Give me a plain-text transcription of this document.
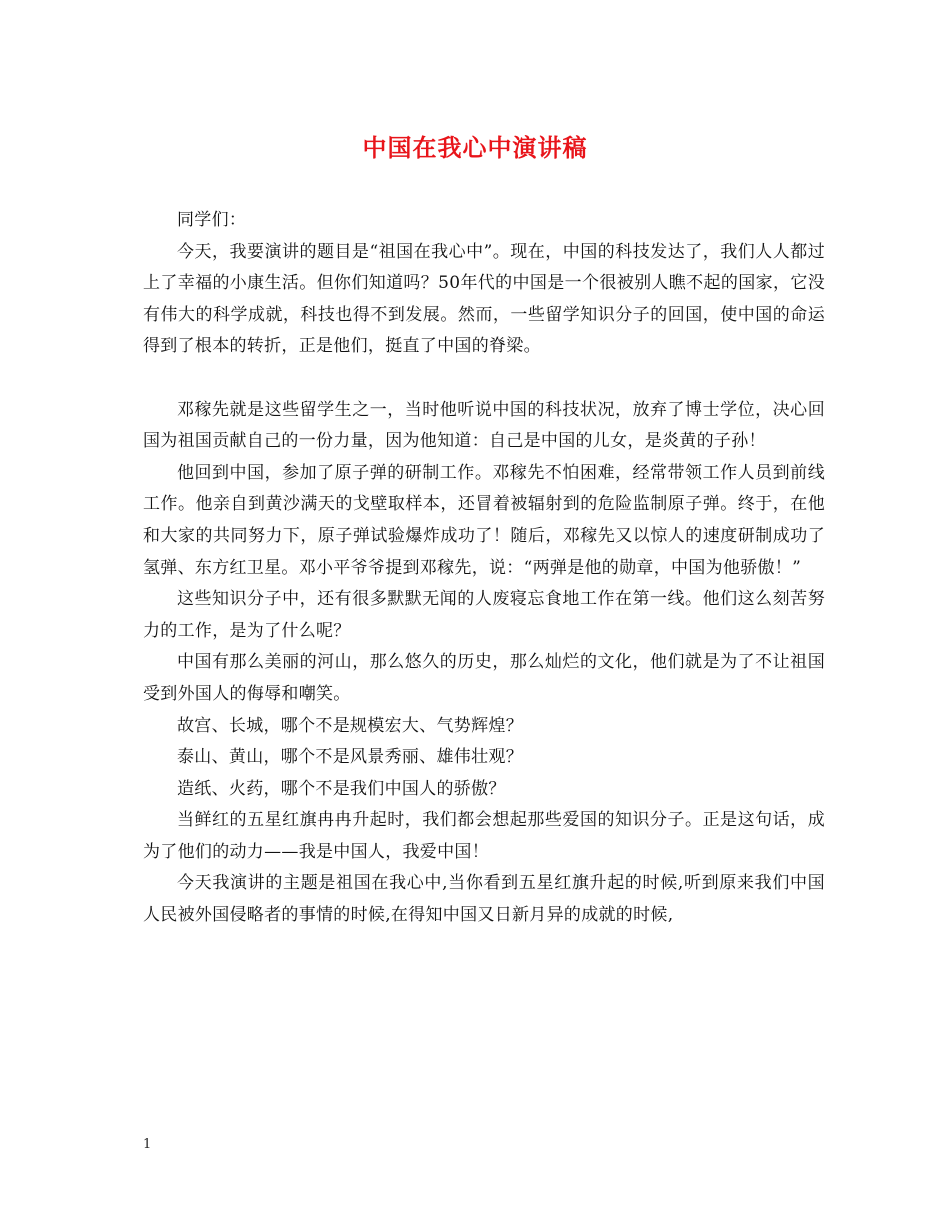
中国在我心中演讲稿

同学们：

今天，我要演讲的题目是“祖国在我心中”。现在，中国的科技发达了，我们人人都过上了幸福的小康生活。但你们知道吗？50年代的中国是一个很被别人瞧不起的国家，它没有伟大的科学成就，科技也得不到发展。然而，一些留学知识分子的回国，使中国的命运得到了根本的转折，正是他们，挺直了中国的脊梁。

邓稼先就是这些留学生之一，当时他听说中国的科技状况，放弃了博士学位，决心回国为祖国贡献自己的一份力量，因为他知道：自己是中国的儿女，是炎黄的子孙！

他回到中国，参加了原子弹的研制工作。邓稼先不怕困难，经常带领工作人员到前线工作。他亲自到黄沙满天的戈壁取样本，还冒着被辐射到的危险监制原子弹。终于，在他和大家的共同努力下，原子弹试验爆炸成功了！随后，邓稼先又以惊人的速度研制成功了氢弹、东方红卫星。邓小平爷爷提到邓稼先，说：“两弹是他的勋章，中国为他骄傲！”

这些知识分子中，还有很多默默无闻的人废寝忘食地工作在第一线。他们这么刻苦努力的工作，是为了什么呢？

中国有那么美丽的河山，那么悠久的历史，那么灿烂的文化，他们就是为了不让祖国受到外国人的侮辱和嘲笑。

故宫、长城，哪个不是规模宏大、气势辉煌？

泰山、黄山，哪个不是风景秀丽、雄伟壮观？

造纸、火药，哪个不是我们中国人的骄傲？

当鲜红的五星红旗冉冉升起时，我们都会想起那些爱国的知识分子。正是这句话，成为了他们的动力——我是中国人，我爱中国！

今天我演讲的主题是祖国在我心中,当你看到五星红旗升起的时候,听到原来我们中国人民被外国侵略者的事情的时候,在得知中国又日新月异的成就的时候,

1
